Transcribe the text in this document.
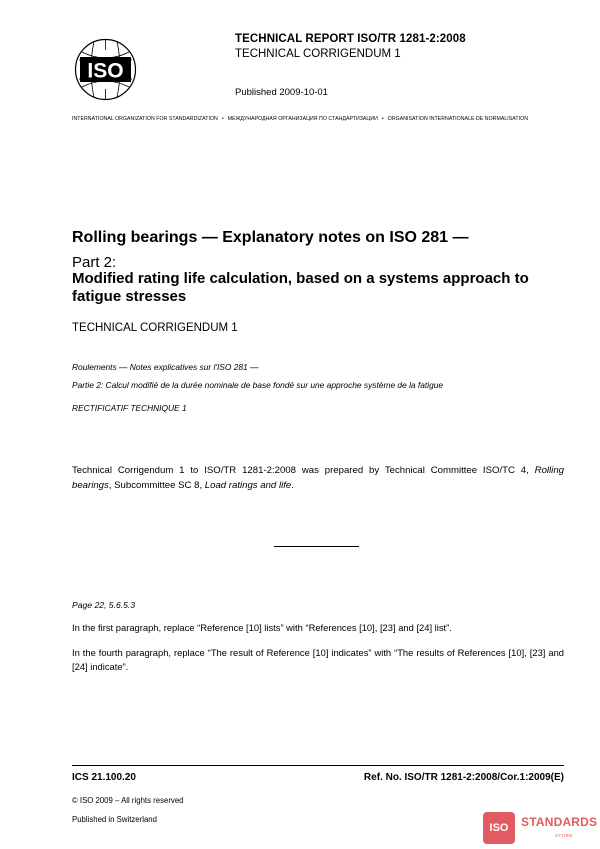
ISO
TECHNICAL REPORT ISO/TR 1281-2:2008
TECHNICAL CORRIGENDUM 1
Published 2009-10-01
INTERNATIONAL ORGANIZATION FOR STANDARDIZATION • МЕЖДУНАРОДНАЯ ОРГАНИЗАЦИЯ ПО СТАНДАРТИЗАЦИИ • ORGANISATION INTERNATIONALE DE NORMALISATION
Rolling bearings — Explanatory notes on ISO 281 —
Part 2:
Modified rating life calculation, based on a systems approach to fatigue stresses
TECHNICAL CORRIGENDUM 1
Roulements — Notes explicatives sur l'ISO 281 —
Partie 2: Calcul modifié de la durée nominale de base fondé sur une approche système de la fatigue
RECTIFICATIF TECHNIQUE 1
Technical Corrigendum 1 to ISO/TR 1281-2:2008 was prepared by Technical Committee ISO/TC 4, Rolling bearings, Subcommittee SC 8, Load ratings and life.
Page 22, 5.6.5.3
In the first paragraph, replace “Reference [10] lists” with “References [10], [23] and [24] list”.
In the fourth paragraph, replace “The result of Reference [10] indicates” with “The results of References [10], [23] and [24] indicate”.
ICS 21.100.20	Ref. No. ISO/TR 1281-2:2008/Cor.1:2009(E)
© ISO 2009 – All rights reserved
Published in Switzerland
ISO STANDARDS
STORE
